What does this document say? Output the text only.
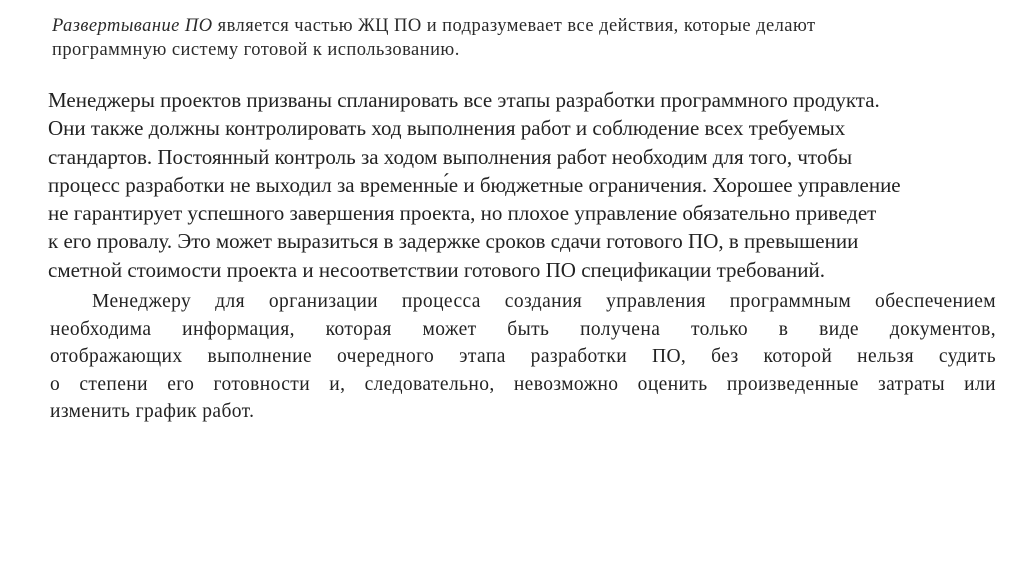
Развертывание ПО является частью ЖЦ ПО и подразумевает все действия, которые делают
программную систему готовой к использованию.
Менеджеры проектов призваны спланировать все этапы разработки программного продукта.
Они также должны контролировать ход выполнения работ и соблюдение всех требуемых
стандартов. Постоянный контроль за ходом выполнения работ необходим для того, чтобы
процесс разработки не выходил за временны́е и бюджетные ограничения. Хорошее управление
не гарантирует успешного завершения проекта, но плохое управление обязательно приведет
к его провалу. Это может выразиться в задержке сроков сдачи готового ПО, в превышении
сметной стоимости проекта и несоответствии готового ПО спецификации требований.
Менеджеру для организации процесса создания управления программным обеспечением
необходима информация, которая может быть получена только в виде документов,
отображающих выполнение очередного этапа разработки ПО, без которой нельзя судить
о степени его готовности и, следовательно, невозможно оценить произведенные затраты или
изменить график работ.
